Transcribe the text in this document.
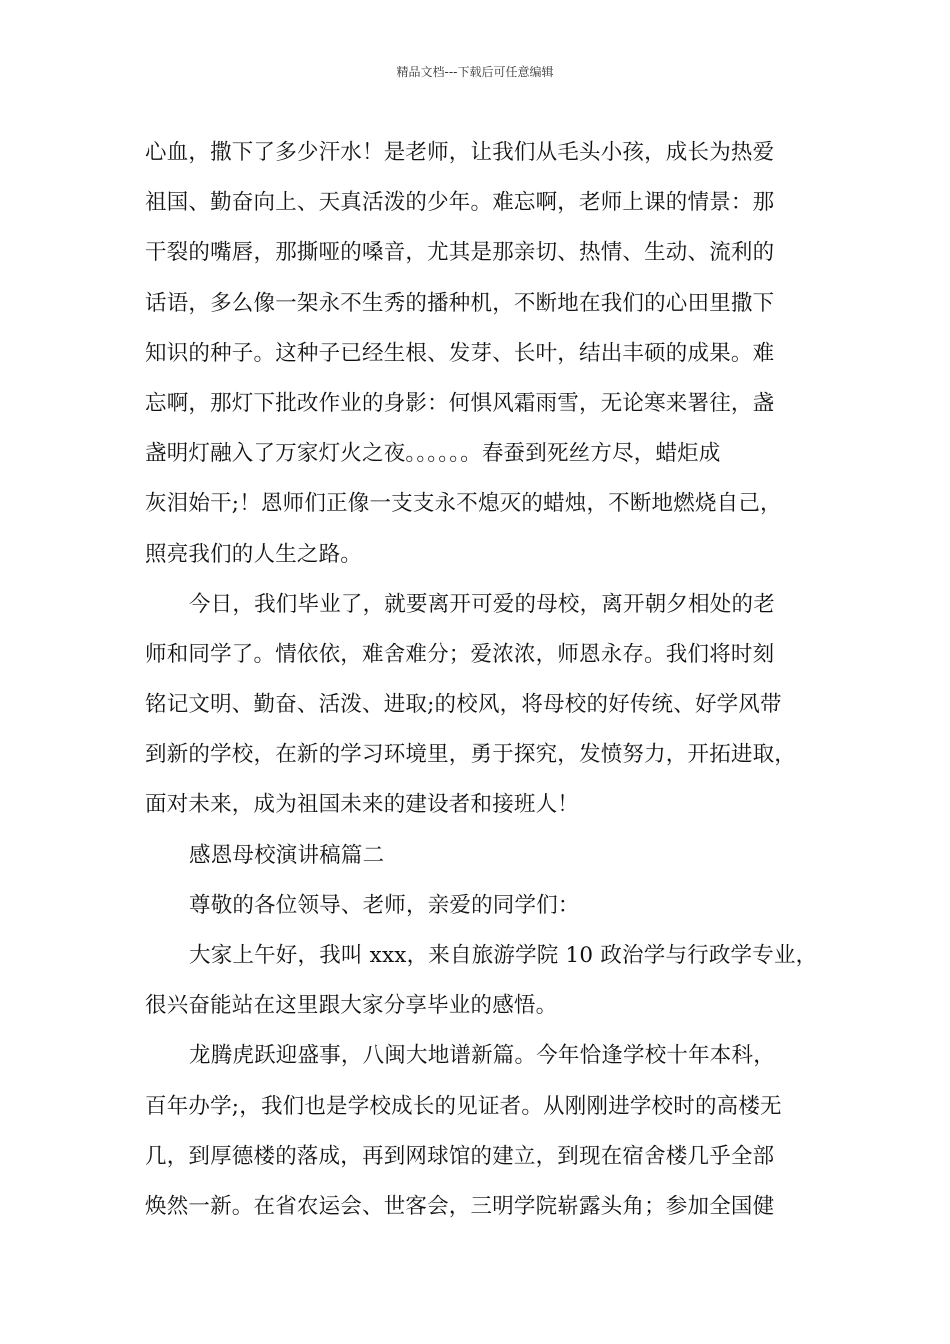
精品文档---下载后可任意编辑
心血，撒下了多少汗水！是老师，让我们从毛头小孩，成长为热爱
祖国、勤奋向上、天真活泼的少年。难忘啊，老师上课的情景：那
干裂的嘴唇，那撕哑的嗓音，尤其是那亲切、热情、生动、流利的
话语，多么像一架永不生秀的播种机，不断地在我们的心田里撒下
知识的种子。这种子已经生根、发芽、长叶，结出丰硕的成果。难
忘啊，那灯下批改作业的身影：何惧风霜雨雪，无论寒来署往，盏
盏明灯融入了万家灯火之夜。。。。。。春蚕到死丝方尽，蜡炬成
灰泪始干;！恩师们正像一支支永不熄灭的蜡烛，不断地燃烧自己，
照亮我们的人生之路。
今日，我们毕业了，就要离开可爱的母校，离开朝夕相处的老
师和同学了。情依依，难舍难分；爱浓浓，师恩永存。我们将时刻
铭记文明、勤奋、活泼、进取;的校风，将母校的好传统、好学风带
到新的学校，在新的学习环境里，勇于探究，发愤努力，开拓进取，
面对未来，成为祖国未来的建设者和接班人！
感恩母校演讲稿篇二
尊敬的各位领导、老师，亲爱的同学们：
大家上午好，我叫 xxx，来自旅游学院 10 政治学与行政学专业，
很兴奋能站在这里跟大家分享毕业的感悟。
龙腾虎跃迎盛事，八闽大地谱新篇。今年恰逢学校十年本科，
百年办学;，我们也是学校成长的见证者。从刚刚进学校时的高楼无
几，到厚德楼的落成，再到网球馆的建立，到现在宿舍楼几乎全部
焕然一新。在省农运会、世客会，三明学院崭露头角；参加全国健
